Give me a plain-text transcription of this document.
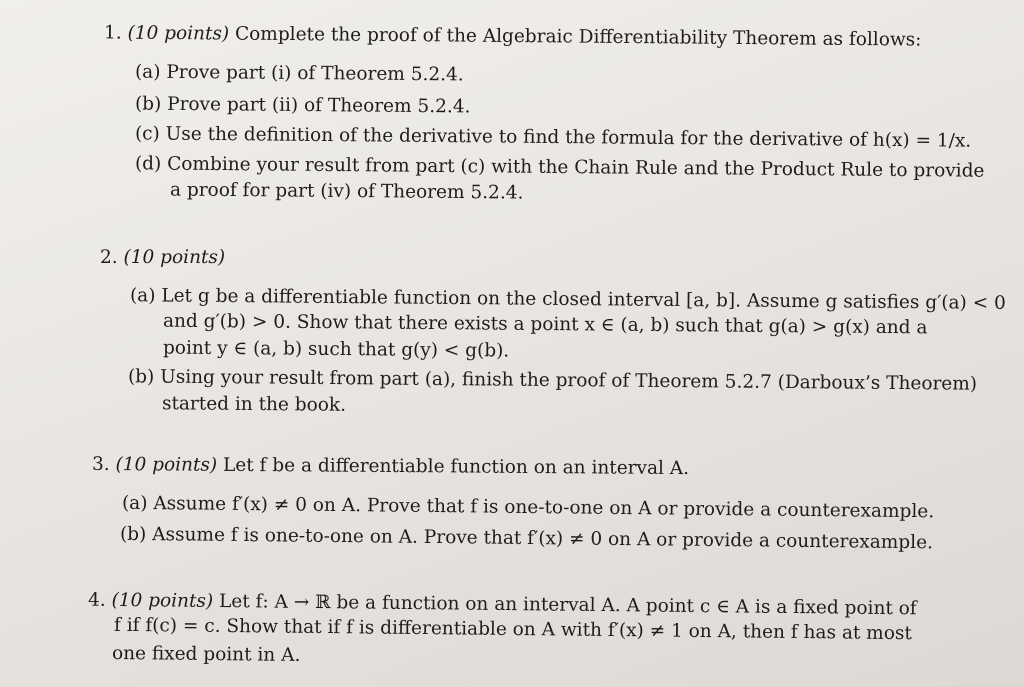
1. (10 points) Complete the proof of the Algebraic Differentiability Theorem as follows:
(a) Prove part (i) of Theorem 5.2.4.
(b) Prove part (ii) of Theorem 5.2.4.
(c) Use the definition of the derivative to find the formula for the derivative of h(x) = 1/x.
(d) Combine your result from part (c) with the Chain Rule and the Product Rule to provide
a proof for part (iv) of Theorem 5.2.4.
2. (10 points)
(a) Let g be a differentiable function on the closed interval [a, b]. Assume g satisfies g′(a) < 0
and g′(b) > 0. Show that there exists a point x ∈ (a, b) such that g(a) > g(x) and a
point y ∈ (a, b) such that g(y) < g(b).
(b) Using your result from part (a), finish the proof of Theorem 5.2.7 (Darboux’s Theorem)
started in the book.
3. (10 points) Let f be a differentiable function on an interval A.
(a) Assume f′(x) ≠ 0 on A. Prove that f is one-to-one on A or provide a counterexample.
(b) Assume f is one-to-one on A. Prove that f′(x) ≠ 0 on A or provide a counterexample.
4. (10 points) Let f: A → ℝ be a function on an interval A. A point c ∈ A is a fixed point of
f if f(c) = c. Show that if f is differentiable on A with f′(x) ≠ 1 on A, then f has at most
one fixed point in A.
